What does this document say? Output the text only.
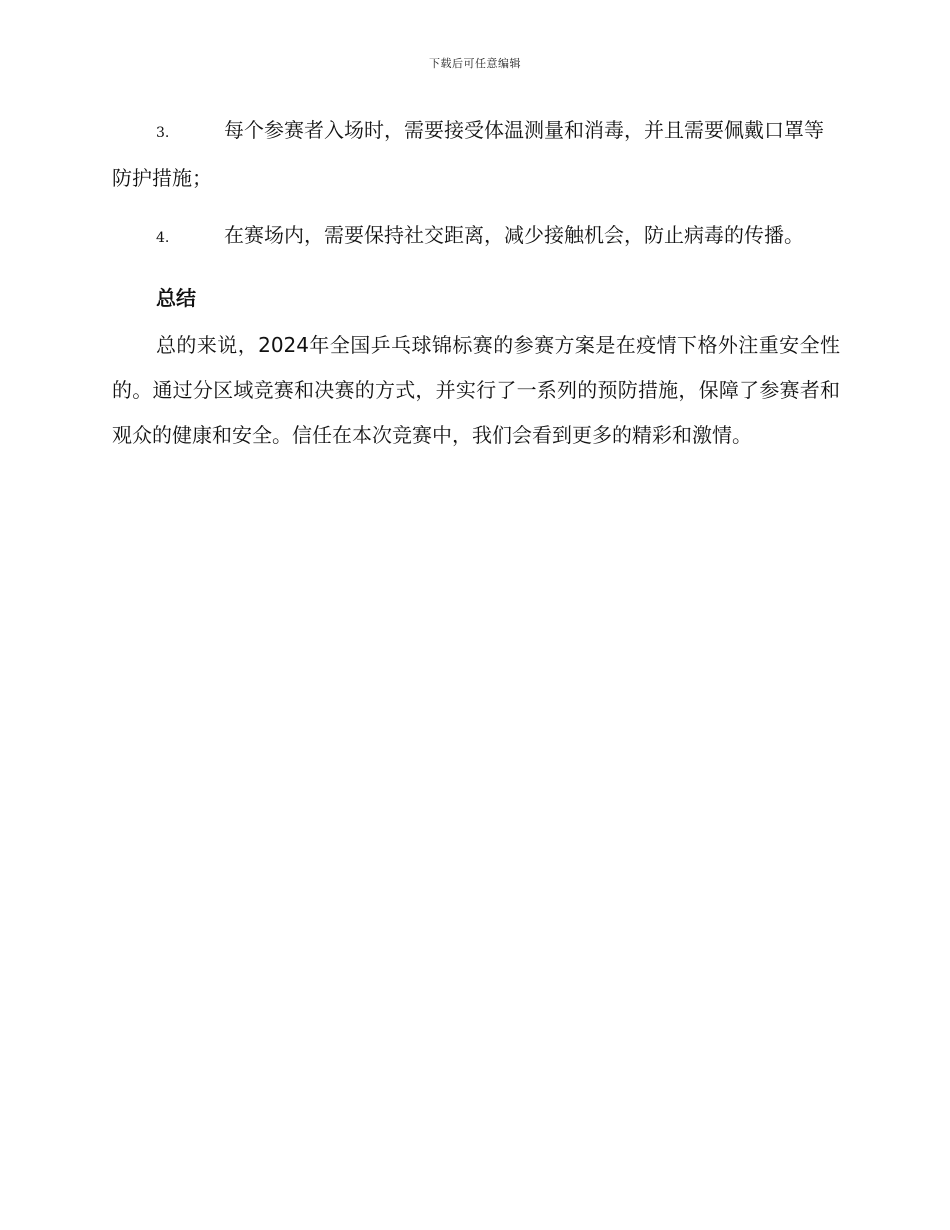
下载后可任意编辑

3.	每个参赛者入场时，需要接受体温测量和消毒，并且需要佩戴口罩等防护措施；

4.	在赛场内，需要保持社交距离，减少接触机会，防止病毒的传播。

总结

总的来说，2024年全国乒乓球锦标赛的参赛方案是在疫情下格外注重安全性的。通过分区域竞赛和决赛的方式，并实行了一系列的预防措施，保障了参赛者和观众的健康和安全。信任在本次竞赛中，我们会看到更多的精彩和激情。
